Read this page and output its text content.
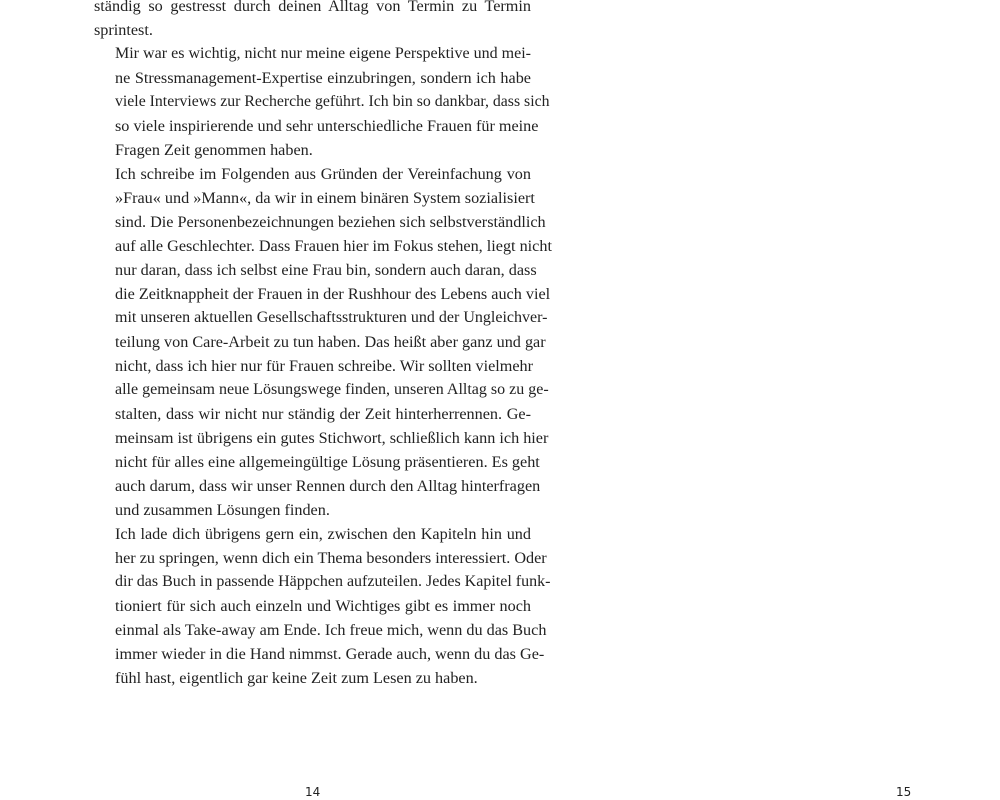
ständig so gestresst durch deinen Alltag von Termin zu Termin
sprintest.

Mir war es wichtig, nicht nur meine eigene Perspektive und mei-
ne Stressmanagement-Expertise einzubringen, sondern ich habe
viele Interviews zur Recherche geführt. Ich bin so dankbar, dass sich
so viele inspirierende und sehr unterschiedliche Frauen für meine
Fragen Zeit genommen haben.

Ich schreibe im Folgenden aus Gründen der Vereinfachung von
»Frau« und »Mann«, da wir in einem binären System sozialisiert
sind. Die Personenbezeichnungen beziehen sich selbstverständlich
auf alle Geschlechter. Dass Frauen hier im Fokus stehen, liegt nicht
nur daran, dass ich selbst eine Frau bin, sondern auch daran, dass
die Zeitknappheit der Frauen in der Rushhour des Lebens auch viel
mit unseren aktuellen Gesellschaftsstrukturen und der Ungleichver-
teilung von Care-Arbeit zu tun haben. Das heißt aber ganz und gar
nicht, dass ich hier nur für Frauen schreibe. Wir sollten vielmehr
alle gemeinsam neue Lösungswege finden, unseren Alltag so zu ge-
stalten, dass wir nicht nur ständig der Zeit hinterherrennen. Ge-
meinsam ist übrigens ein gutes Stichwort, schließlich kann ich hier
nicht für alles eine allgemeingültige Lösung präsentieren. Es geht
auch darum, dass wir unser Rennen durch den Alltag hinterfragen
und zusammen Lösungen finden.

Ich lade dich übrigens gern ein, zwischen den Kapiteln hin und
her zu springen, wenn dich ein Thema besonders interessiert. Oder
dir das Buch in passende Häppchen aufzuteilen. Jedes Kapitel funk-
tioniert für sich auch einzeln und Wichtiges gibt es immer noch
einmal als Take-away am Ende. Ich freue mich, wenn du das Buch
immer wieder in die Hand nimmst. Gerade auch, wenn du das Ge-
fühl hast, eigentlich gar keine Zeit zum Lesen zu haben.

14	15
